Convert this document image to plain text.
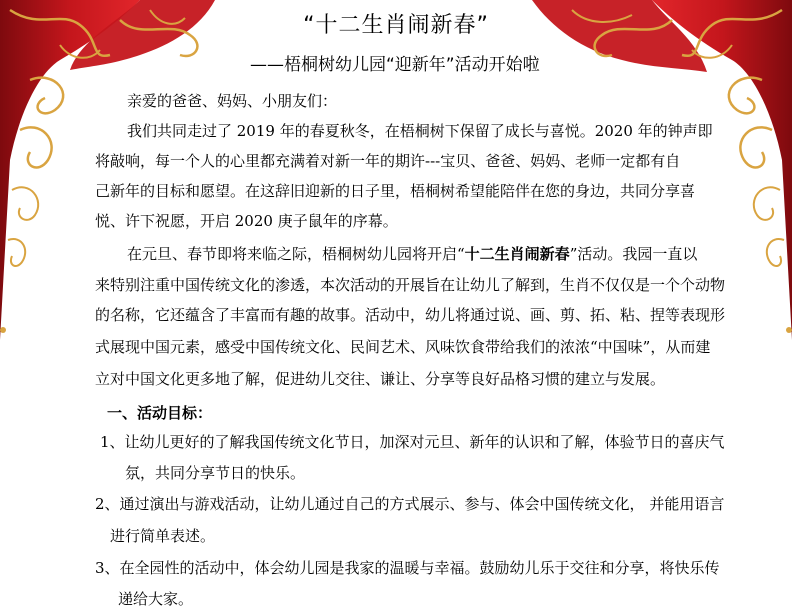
“十二生肖闹新春”
——梧桐树幼儿园“迎新年”活动开始啦
亲爱的爸爸、妈妈、小朋友们：
我们共同走过了 2019 年的春夏秋冬，在梧桐树下保留了成长与喜悦。2020 年的钟声即
将敲响，每一个人的心里都充满着对新一年的期许---宝贝、爸爸、妈妈、老师一定都有自
己新年的目标和愿望。在这辞旧迎新的日子里，梧桐树希望能陪伴在您的身边，共同分享喜
悦、许下祝愿，开启 2020 庚子鼠年的序幕。
在元旦、春节即将来临之际，梧桐树幼儿园将开启“十二生肖闹新春”活动。我园一直以
来特别注重中国传统文化的渗透，本次活动的开展旨在让幼儿了解到，生肖不仅仅是一个个动物
的名称，它还蕴含了丰富而有趣的故事。活动中，幼儿将通过说、画、剪、拓、粘、捏等表现形
式展现中国元素，感受中国传统文化、民间艺术、风味饮食带给我们的浓浓“中国味”，从而建
立对中国文化更多地了解，促进幼儿交往、谦让、分享等良好品格习惯的建立与发展。
一、活动目标：
1、让幼儿更好的了解我国传统文化节日，加深对元旦、新年的认识和了解，体验节日的喜庆气
氛，共同分享节日的快乐。
2、通过演出与游戏活动，让幼儿通过自己的方式展示、参与、体会中国传统文化， 并能用语言
进行简单表述。
3、在全园性的活动中，体会幼儿园是我家的温暖与幸福。鼓励幼儿乐于交往和分享，将快乐传
递给大家。
